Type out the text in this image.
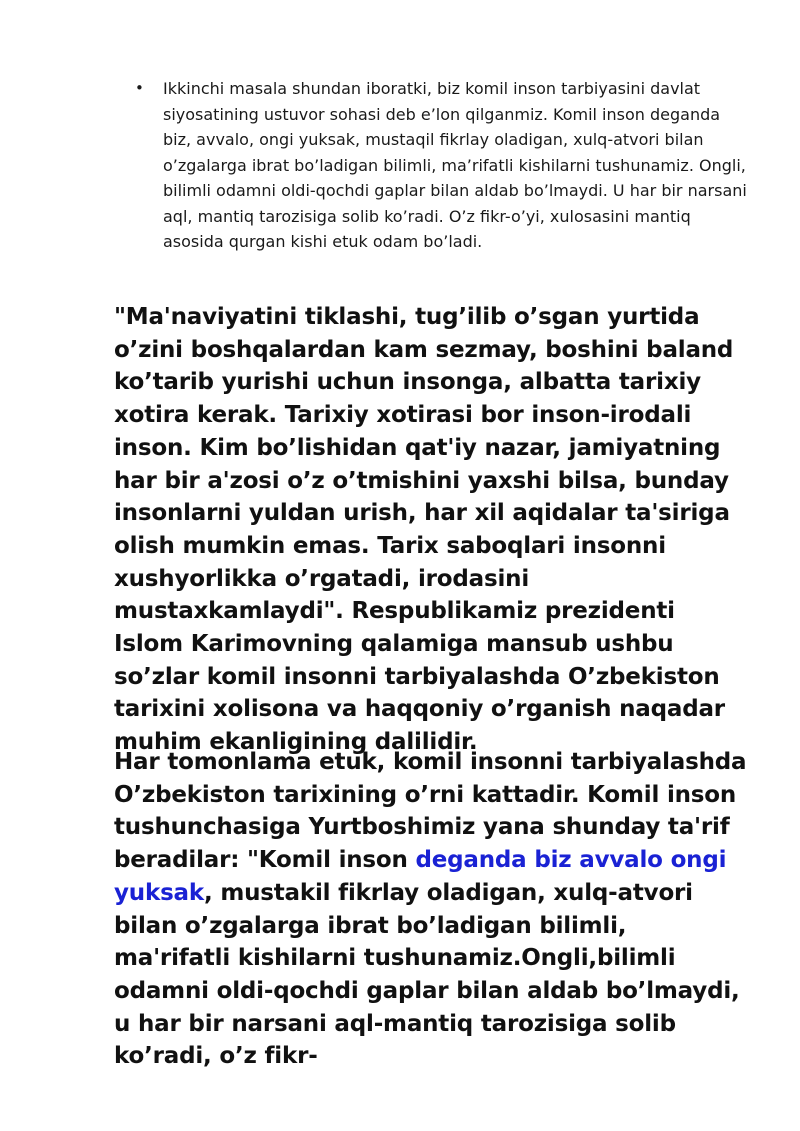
• Ikkinchi masala shundan iboratki, biz komil inson tarbiyasini davlat siyosatining ustuvor sohasi deb e’lon qilganmiz. Komil inson deganda biz, avvalo, ongi yuksak, mustaqil fikrlay oladigan, xulq-atvori bilan o’zgalarga ibrat bo’ladigan bilimli, ma’rifatli kishilarni tushunamiz. Ongli, bilimli odamni oldi-qochdi gaplar bilan aldab bo’lmaydi. U har bir narsani aql, mantiq tarozisiga solib ko’radi. O’z fikr-o’yi, xulosasini mantiq asosida qurgan kishi etuk odam bo’ladi.

"Ma'naviyatini tiklashi, tug’ilib o’sgan yurtida o’zini boshqalardan kam sezmay, boshini baland ko’tarib yurishi uchun insonga, albatta tarixiy xotira kerak. Tarixiy xotirasi bor inson-irodali inson. Kim bo’lishidan qat'iy nazar, jamiyatning har bir a'zosi o’z o’tmishini yaxshi bilsa, bunday insonlarni yuldan urish, har xil aqidalar ta'siriga olish mumkin emas. Tarix saboqlari insonni xushyorlikka o’rgatadi, irodasini mustaxkamlaydi". Respublikamiz prezidenti Islom Karimovning qalamiga mansub ushbu so’zlar komil insonni tarbiyalashda O’zbekiston tarixini xolisona va haqqoniy o’rganish naqadar muhim ekanligining dalilidir.

Har tomonlama etuk, komil insonni tarbiyalashda O’zbekiston tarixining o’rni kattadir. Komil inson tushunchasiga Yurtboshimiz yana shunday ta'rif beradilar: "Komil inson deganda biz avvalo ongi yuksak, mustakil fikrlay oladigan, xulq-atvori bilan o’zgalarga ibrat bo’ladigan bilimli, ma'rifatli kishilarni tushunamiz.Ongli,bilimli odamni oldi-qochdi gaplar bilan aldab bo’lmaydi, u har bir narsani aql-mantiq tarozisiga solib ko’radi, o’z fikr-
